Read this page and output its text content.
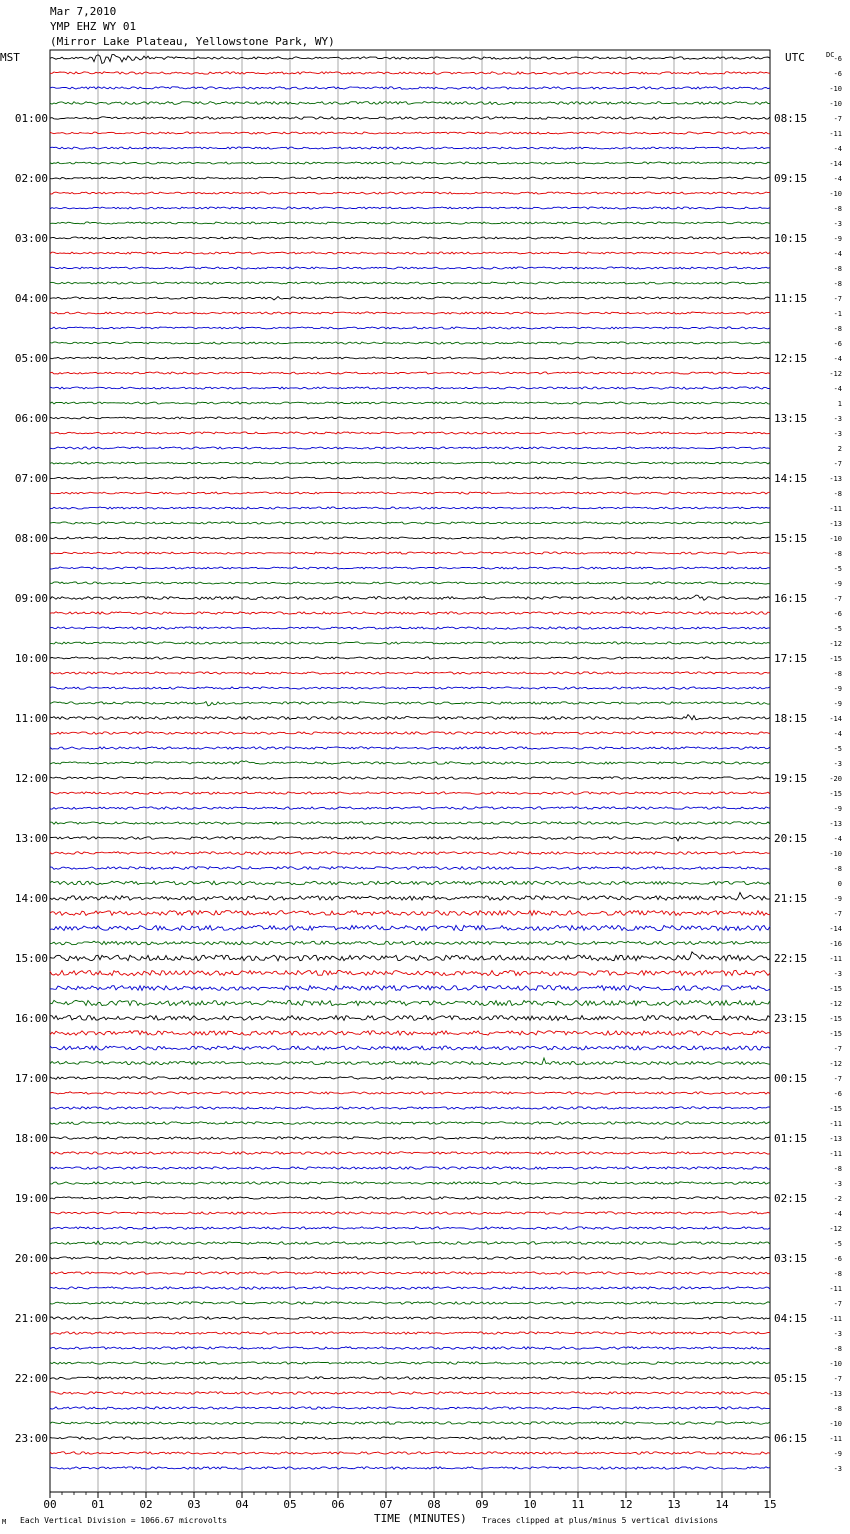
Mar 7,2010
YMP EHZ WY 01
(Mirror Lake Plateau, Yellowstone Park, WY)
-6
-6
-10
-10
-7
-11
-4
-14
-4
-10
-8
-3
-9
-4
-8
-8
-7
-1
-8
-6
-4
-12
-4
1
-3
-3
2
-7
-13
-8
-11
-13
-10
-8
-5
-9
-7
-6
-5
-12
-15
-8
-9
-9
-14
-4
-5
-3
-20
-15
-9
-13
-4
-10
-8
0
-9
-7
-14
-16
-11
-3
-15
-12
-15
-15
-7
-12
-7
-6
-15
-11
-13
-11
-8
-3
-2
-4
-12
-5
-6
-8
-11
-7
-11
-3
-8
-10
-7
-13
-8
-10
-11
-9
-3
MST	UTC	DC
01:00
02:00
03:00
04:00
05:00
06:00
07:00
08:00
09:00
10:00
11:00
12:00
13:00
14:00
15:00
16:00
17:00
18:00
19:00
20:00
21:00
22:00
23:00
08:15
09:15
10:15
11:15
12:15
13:15
14:15
15:15
16:15
17:15
18:15
19:15
20:15
21:15
22:15
23:15
00:15
01:15
02:15
03:15
04:15
05:15
06:15
00	01	02	03	04	05	06	07	08	09	10	11	12	13	14	15
M Each Vertical Division = 1066.67 microvolts	TIME (MINUTES) Traces clipped at plus/minus 5 vertical divisions
